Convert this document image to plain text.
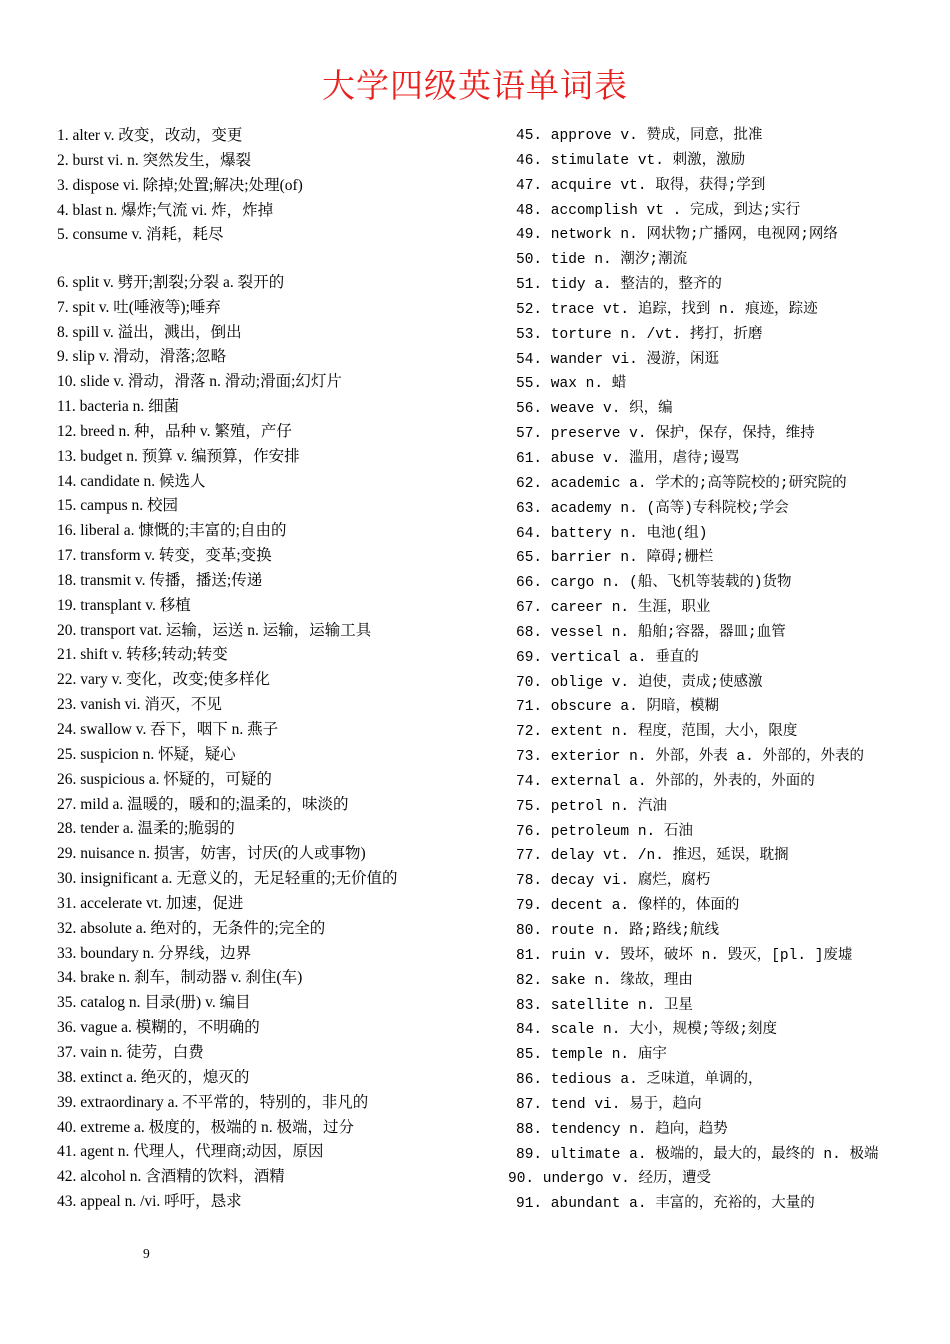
大学四级英语单词表
1. alter v. 改变，改动，变更
2. burst vi. n. 突然发生，爆裂
3. dispose vi. 除掉;处置;解决;处理(of)
4. blast n. 爆炸;气流 vi. 炸，炸掉
5. consume v. 消耗，耗尽
6. split v. 劈开;割裂;分裂 a. 裂开的
7. spit v. 吐(唾液等);唾弃
8. spill v. 溢出，溅出，倒出
9. slip v. 滑动，滑落;忽略
10. slide v. 滑动，滑落 n. 滑动;滑面;幻灯片
11. bacteria n. 细菌
12. breed n. 种，品种 v. 繁殖，产仔
13. budget n. 预算 v. 编预算，作安排
14. candidate n. 候选人
15. campus n. 校园
16. liberal a. 慷慨的;丰富的;自由的
17. transform v. 转变，变革;变换
18. transmit v. 传播，播送;传递
19. transplant v. 移植
20. transport vat. 运输，运送 n. 运输，运输工具
21. shift v. 转移;转动;转变
22. vary v. 变化，改变;使多样化
23. vanish vi. 消灭，不见
24. swallow v. 吞下，咽下 n. 燕子
25. suspicion n. 怀疑，疑心
26. suspicious a. 怀疑的，可疑的
27. mild a. 温暖的，暖和的;温柔的，味淡的
28. tender a. 温柔的;脆弱的
29. nuisance n. 损害，妨害，讨厌(的人或事物)
30. insignificant a. 无意义的，无足轻重的;无价值的
31. accelerate vt. 加速，促进
32. absolute a. 绝对的，无条件的;完全的
33. boundary n. 分界线，边界
34. brake n. 刹车，制动器 v. 刹住(车)
35. catalog n. 目录(册) v. 编目
36. vague a. 模糊的，不明确的
37. vain n. 徒劳，白费
38. extinct a. 绝灭的，熄灭的
39. extraordinary a. 不平常的，特别的，非凡的
40. extreme a. 极度的，极端的 n. 极端，过分
41. agent n. 代理人，代理商;动因，原因
42. alcohol n. 含酒精的饮料，酒精
43. appeal n. /vi. 呼吁，恳求
45. approve v. 赞成，同意，批准
46. stimulate vt. 刺激，激励
47. acquire vt. 取得，获得;学到
48. accomplish vt . 完成，到达;实行
49. network n. 网状物;广播网，电视网;网络
50. tide n. 潮汐;潮流
51. tidy a. 整洁的，整齐的
52. trace vt. 追踪，找到 n. 痕迹，踪迹
53. torture n. /vt. 拷打，折磨
54. wander vi. 漫游，闲逛
55. wax n. 蜡
56. weave v. 织，编
57. preserve v. 保护，保存，保持，维持
61. abuse v. 滥用，虐待;谩骂
62. academic a. 学术的;高等院校的;研究院的
63. academy n. (高等)专科院校;学会
64. battery n. 电池(组)
65. barrier n. 障碍;栅栏
66. cargo n. (船、飞机等装载的)货物
67. career n. 生涯，职业
68. vessel n. 船舶;容器，器皿;血管
69. vertical a. 垂直的
70. oblige v. 迫使，责成;使感激
71. obscure a. 阴暗，模糊
72. extent n. 程度，范围，大小，限度
73. exterior n. 外部，外表 a. 外部的，外表的
74. external a. 外部的，外表的，外面的
75. petrol n. 汽油
76. petroleum n. 石油
77. delay vt. /n. 推迟，延误，耽搁
78. decay vi. 腐烂，腐朽
79. decent a. 像样的，体面的
80. route n. 路;路线;航线
81. ruin v. 毁坏，破坏 n. 毁灭，[pl. ]废墟
82. sake n. 缘故，理由
83. satellite n. 卫星
84. scale n. 大小，规模;等级;刻度
85. temple n. 庙宇
86. tedious a. 乏味道，单调的，
87. tend vi. 易于，趋向
88. tendency n. 趋向，趋势
89. ultimate a. 极端的，最大的，最终的 n. 极端
90. undergo v. 经历，遭受
91. abundant a. 丰富的，充裕的，大量的
9
